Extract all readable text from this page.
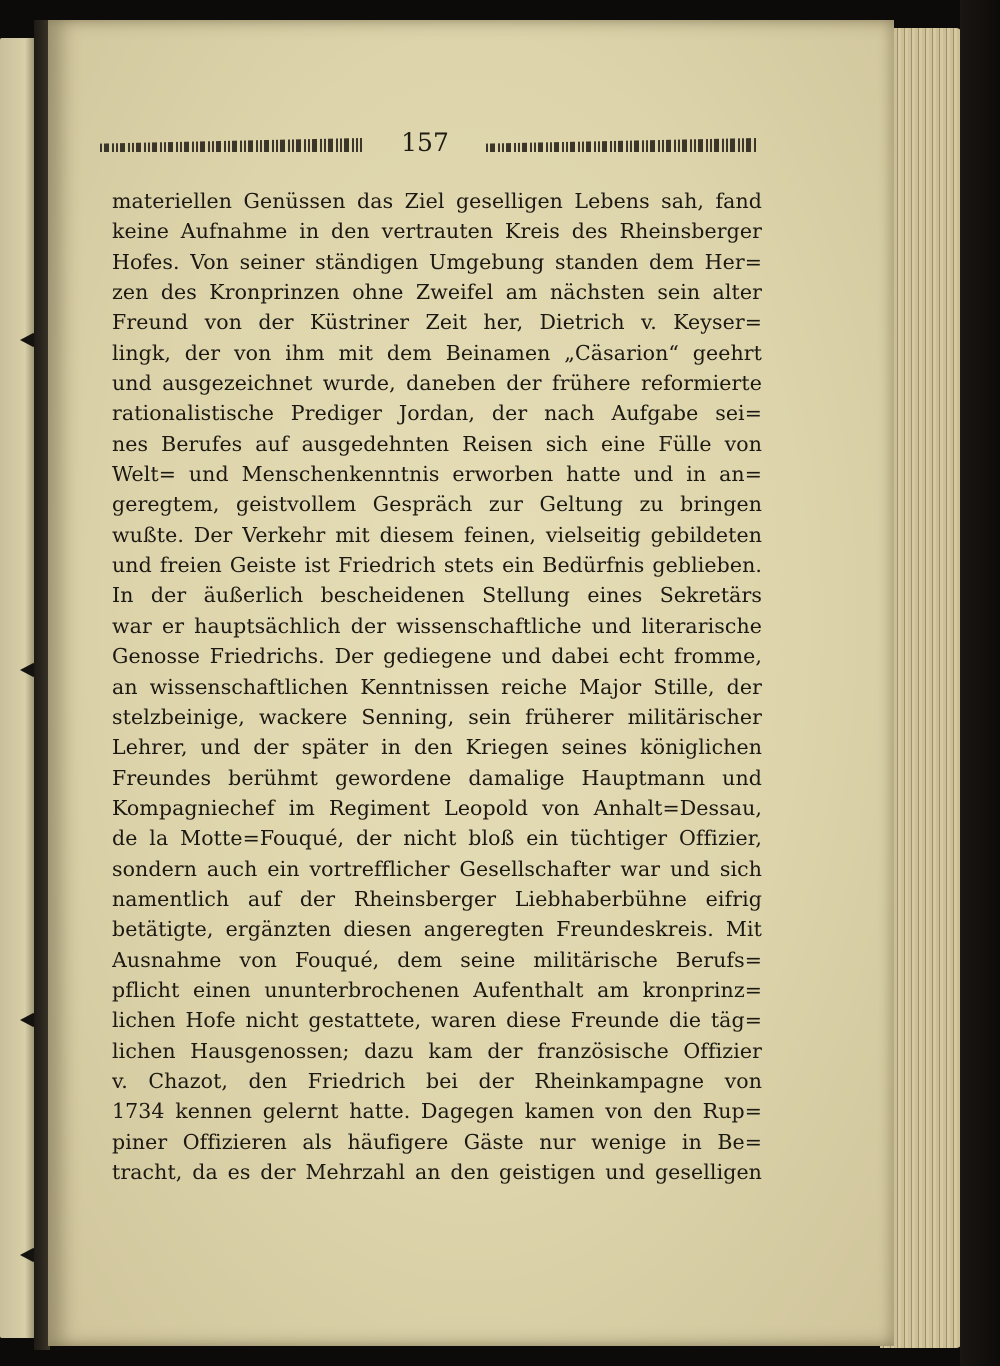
157
materiellen Genüssen das Ziel geselligen Lebens sah, fand
keine Aufnahme in den vertrauten Kreis des Rheinsberger
Hofes. Von seiner ständigen Umgebung standen dem Her=
zen des Kronprinzen ohne Zweifel am nächsten sein alter
Freund von der Küstriner Zeit her, Dietrich v. Keyser=
lingk, der von ihm mit dem Beinamen „Cäsarion“ geehrt
und ausgezeichnet wurde, daneben der frühere reformierte
rationalistische Prediger Jordan, der nach Aufgabe sei=
nes Berufes auf ausgedehnten Reisen sich eine Fülle von
Welt= und Menschenkenntnis erworben hatte und in an=
geregtem, geistvollem Gespräch zur Geltung zu bringen
wußte. Der Verkehr mit diesem feinen, vielseitig gebildeten
und freien Geiste ist Friedrich stets ein Bedürfnis geblieben.
In der äußerlich bescheidenen Stellung eines Sekretärs
war er hauptsächlich der wissenschaftliche und literarische
Genosse Friedrichs. Der gediegene und dabei echt fromme,
an wissenschaftlichen Kenntnissen reiche Major Stille, der
stelzbeinige, wackere Senning, sein früherer militärischer
Lehrer, und der später in den Kriegen seines königlichen
Freundes berühmt gewordene damalige Hauptmann und
Kompagniechef im Regiment Leopold von Anhalt=Dessau,
de la Motte=Fouqué, der nicht bloß ein tüchtiger Offizier,
sondern auch ein vortrefflicher Gesellschafter war und sich
namentlich auf der Rheinsberger Liebhaberbühne eifrig
betätigte, ergänzten diesen angeregten Freundeskreis. Mit
Ausnahme von Fouqué, dem seine militärische Berufs=
pflicht einen ununterbrochenen Aufenthalt am kronprinz=
lichen Hofe nicht gestattete, waren diese Freunde die täg=
lichen Hausgenossen; dazu kam der französische Offizier
v. Chazot, den Friedrich bei der Rheinkampagne von
1734 kennen gelernt hatte. Dagegen kamen von den Rup=
piner Offizieren als häufigere Gäste nur wenige in Be=
tracht, da es der Mehrzahl an den geistigen und geselligen
